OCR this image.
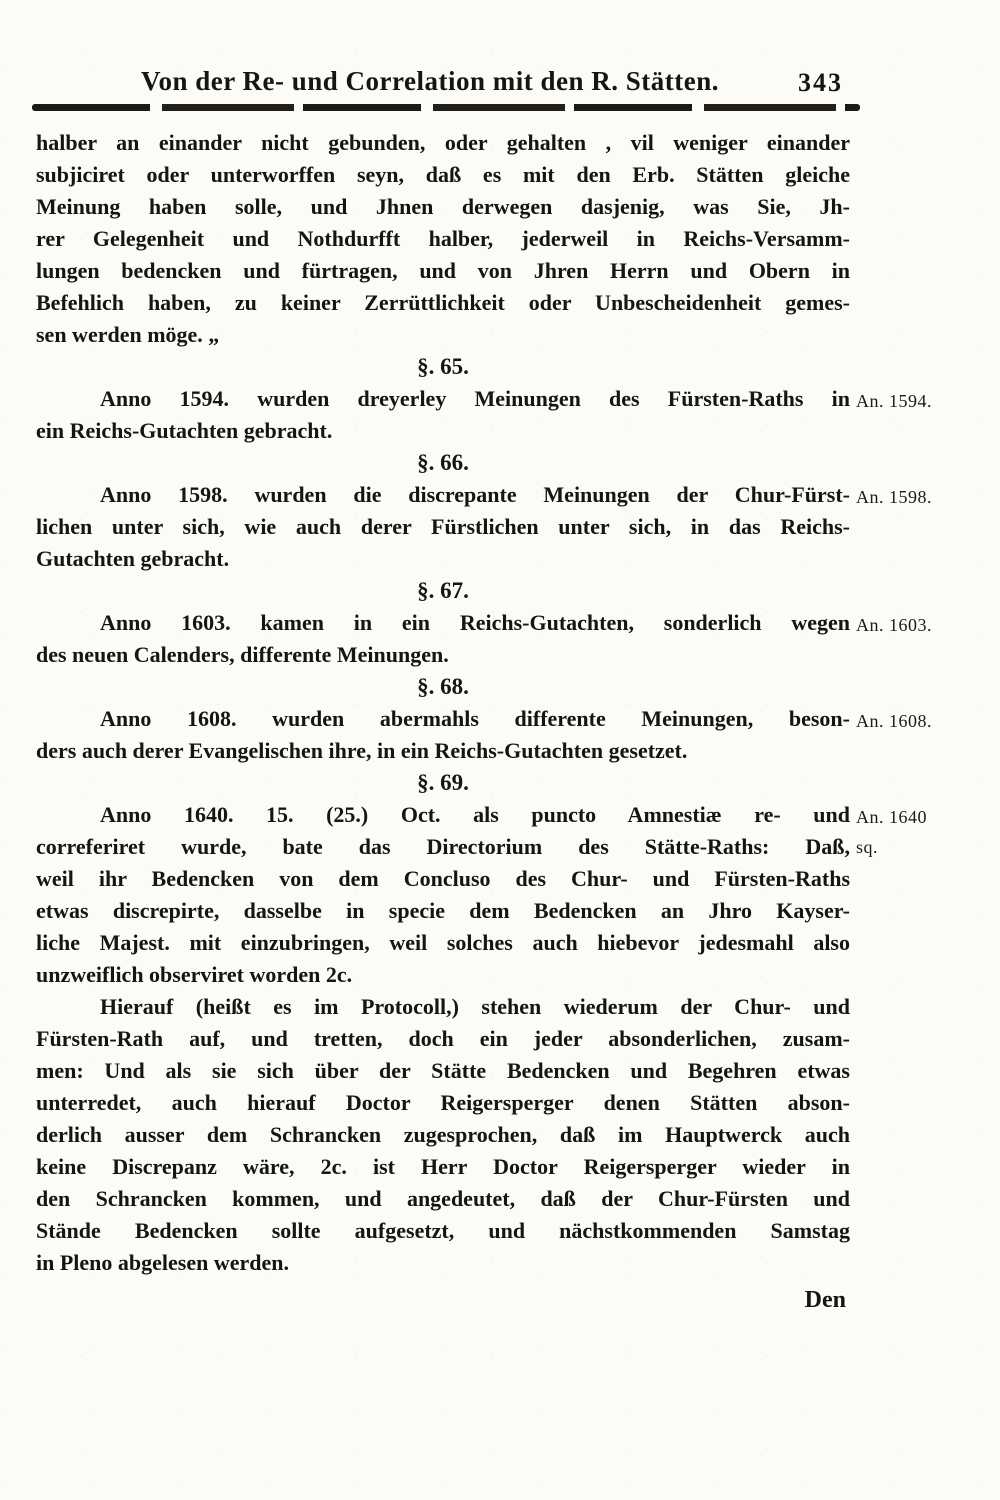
Von der Re- und Correlation mit den R. Stätten.	343
halber an einander nicht gebunden, oder gehalten , vil weniger einander
subjiciret oder unterworffen seyn, daß es mit den Erb. Stätten gleiche
Meinung haben solle, und Jhnen derwegen dasjenig, was Sie, Jh-
rer Gelegenheit und Nothdurfft halber, jederweil in Reichs-Versamm-
lungen bedencken und fürtragen, und von Jhren Herrn und Obern in
Befehlich haben, zu keiner Zerrüttlichkeit oder Unbescheidenheit gemes-
sen werden möge. „
§. 65.
An. 1594.
Anno 1594. wurden dreyerley Meinungen des Fürsten-Raths in
ein Reichs-Gutachten gebracht.
§. 66.
An. 1598.
Anno 1598. wurden die discrepante Meinungen der Chur-Fürst-
lichen unter sich, wie auch derer Fürstlichen unter sich, in das Reichs-
Gutachten gebracht.
§. 67.
An. 1603.
Anno 1603. kamen in ein Reichs-Gutachten, sonderlich wegen
des neuen Calenders, differente Meinungen.
§. 68.
An. 1608.
Anno 1608. wurden abermahls differente Meinungen, beson-
ders auch derer Evangelischen ihre, in ein Reichs-Gutachten gesetzet.
§. 69.
An. 1640
sq.
Anno 1640. 15. (25.) Oct. als puncto Amnestiæ re- und
correferiret wurde, bate das Directorium des Stätte-Raths: Daß,
weil ihr Bedencken von dem Concluso des Chur- und Fürsten-Raths
etwas discrepirte, dasselbe in specie dem Bedencken an Jhro Kayser-
liche Majest. mit einzubringen, weil solches auch hiebevor jedesmahl also
unzweiflich observiret worden 2c.
Hierauf (heißt es im Protocoll,) stehen wiederum der Chur- und
Fürsten-Rath auf, und tretten, doch ein jeder absonderlichen, zusam-
men: Und als sie sich über der Stätte Bedencken und Begehren etwas
unterredet, auch hierauf Doctor Reigersperger denen Stätten abson-
derlich ausser dem Schrancken zugesprochen, daß im Hauptwerck auch
keine Discrepanz wäre, 2c. ist Herr Doctor Reigersperger wieder in
den Schrancken kommen, und angedeutet, daß der Chur-Fürsten und
Stände Bedencken sollte aufgesetzt, und nächstkommenden Samstag
in Pleno abgelesen werden.
Den
